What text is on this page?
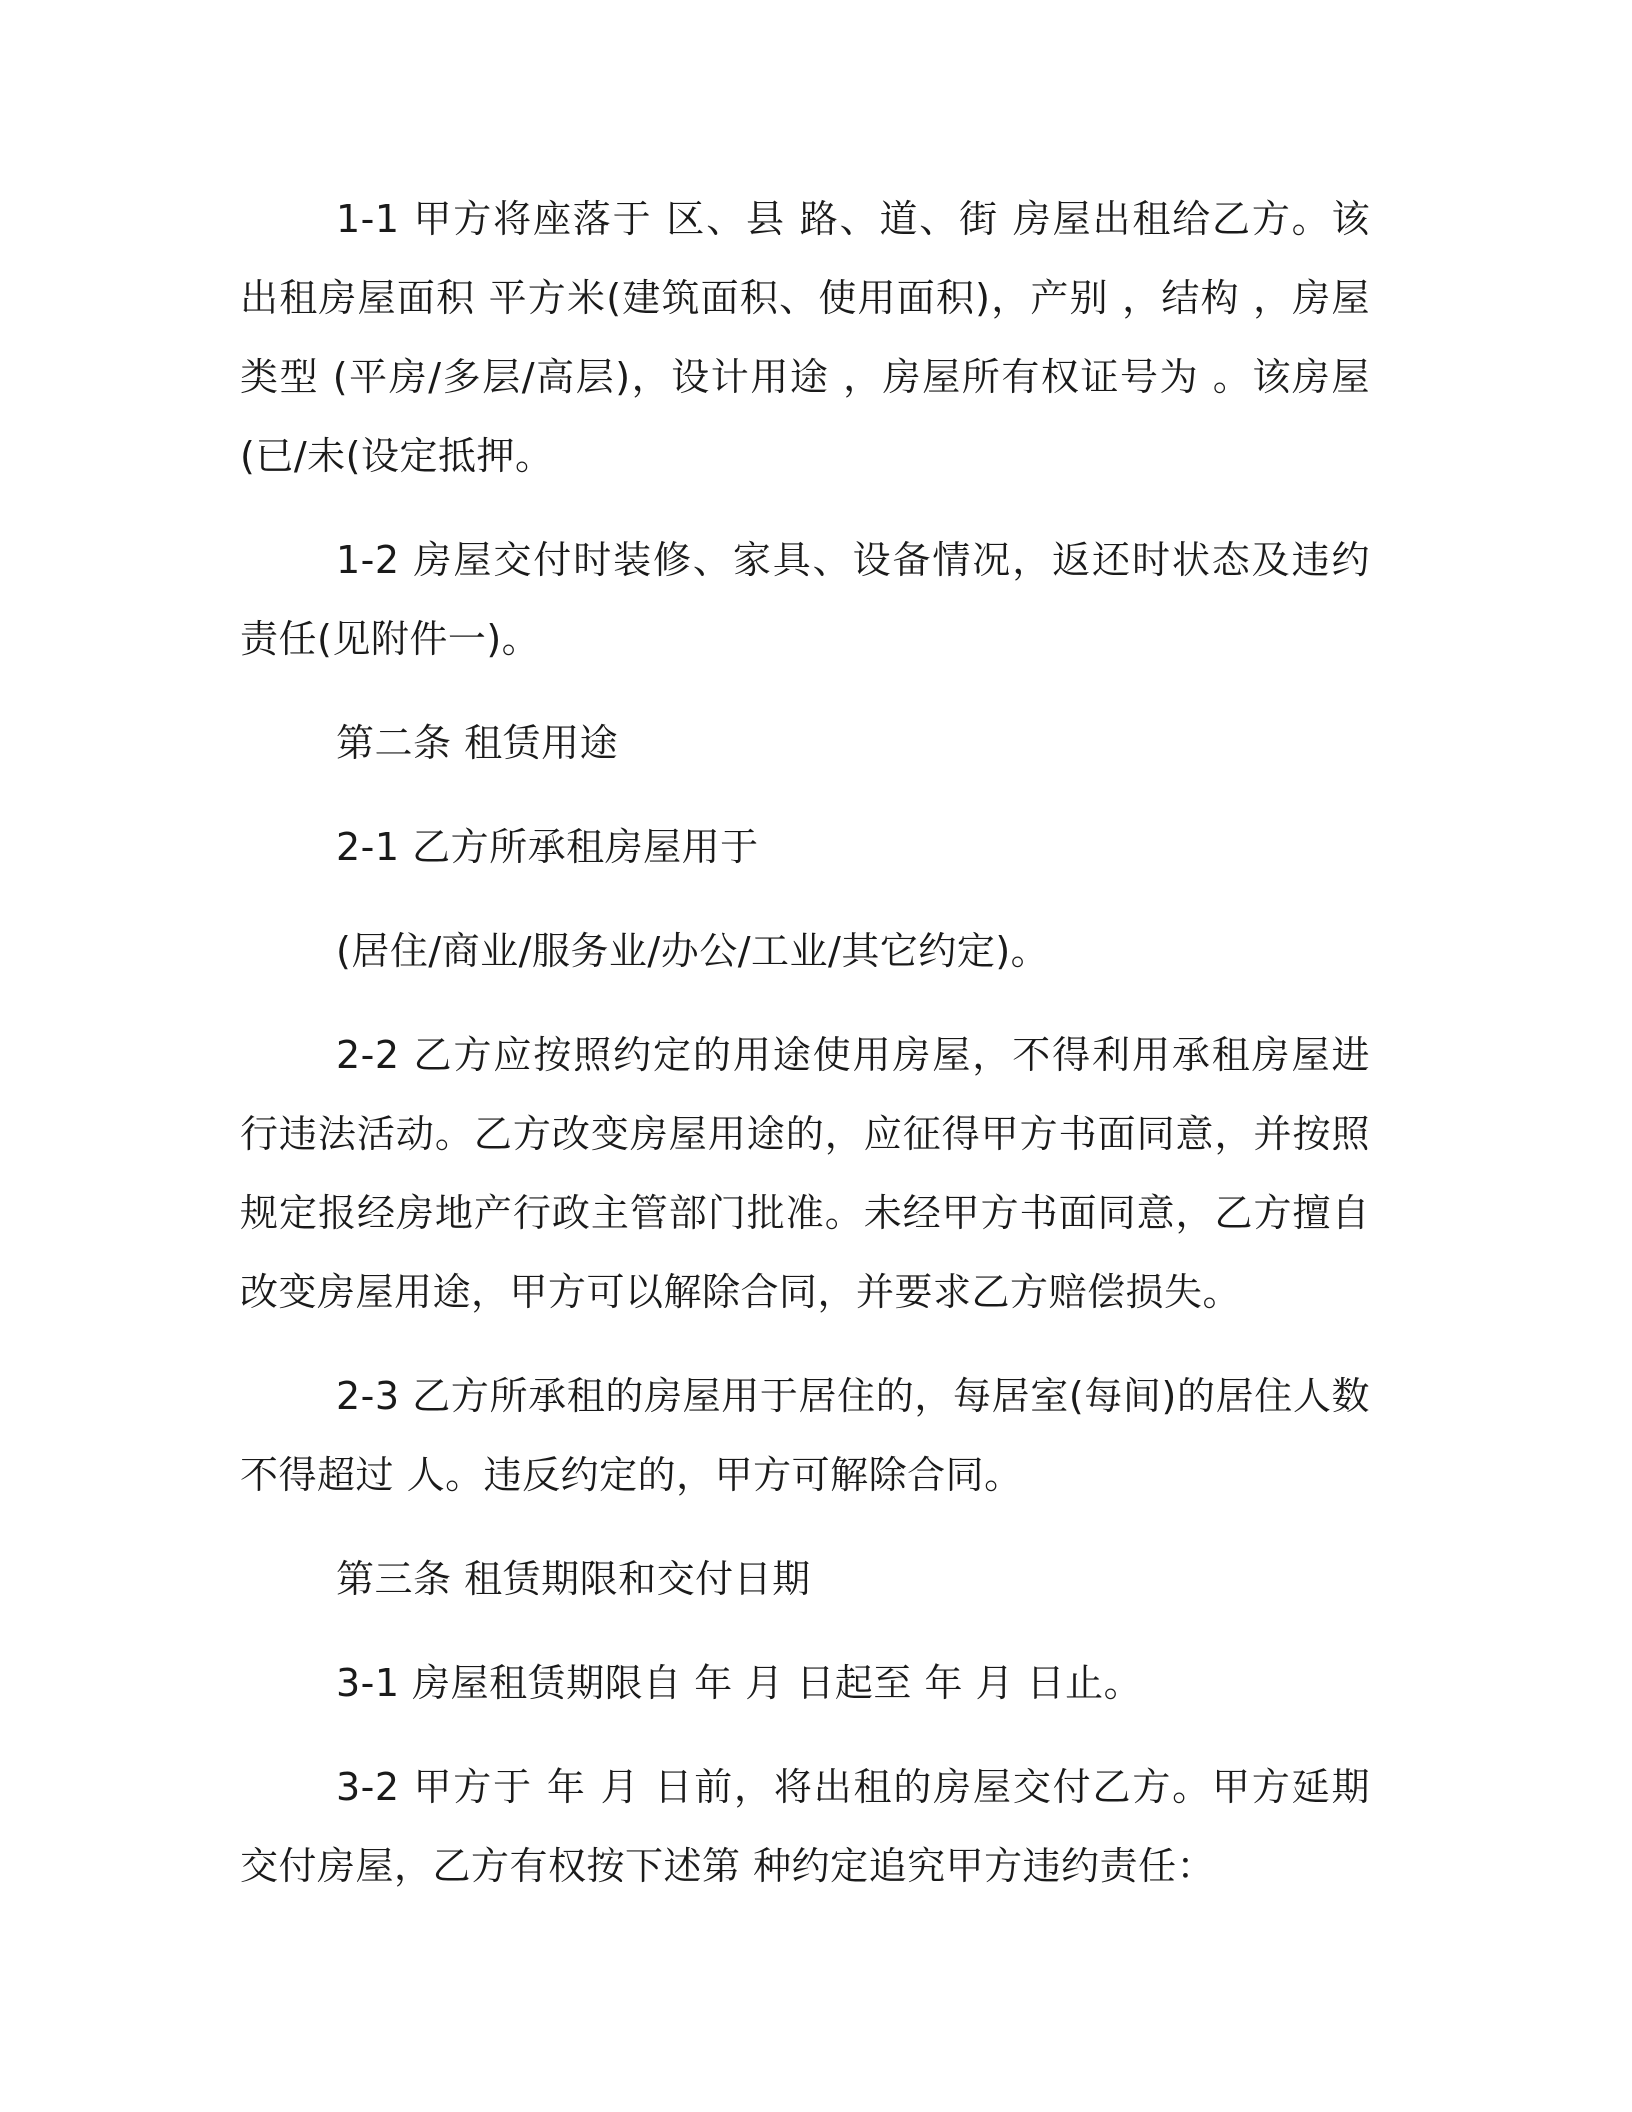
1-1 甲方将座落于 区、县 路、道、街 房屋出租给乙方。该出租房屋面积 平方米(建筑面积、使用面积)，产别 ，结构 ，房屋类型 (平房/多层/高层)，设计用途 ，房屋所有权证号为 。该房屋 (已/未(设定抵押。

1-2 房屋交付时装修、家具、设备情况，返还时状态及违约责任(见附件一)。

第二条 租赁用途

2-1 乙方所承租房屋用于

(居住/商业/服务业/办公/工业/其它约定)。

2-2 乙方应按照约定的用途使用房屋，不得利用承租房屋进行违法活动。乙方改变房屋用途的，应征得甲方书面同意，并按照规定报经房地产行政主管部门批准。未经甲方书面同意，乙方擅自改变房屋用途，甲方可以解除合同，并要求乙方赔偿损失。

2-3 乙方所承租的房屋用于居住的，每居室(每间)的居住人数不得超过 人。违反约定的，甲方可解除合同。

第三条 租赁期限和交付日期

3-1 房屋租赁期限自 年 月 日起至 年 月 日止。

3-2 甲方于 年 月 日前，将出租的房屋交付乙方。甲方延期交付房屋，乙方有权按下述第 种约定追究甲方违约责任：
